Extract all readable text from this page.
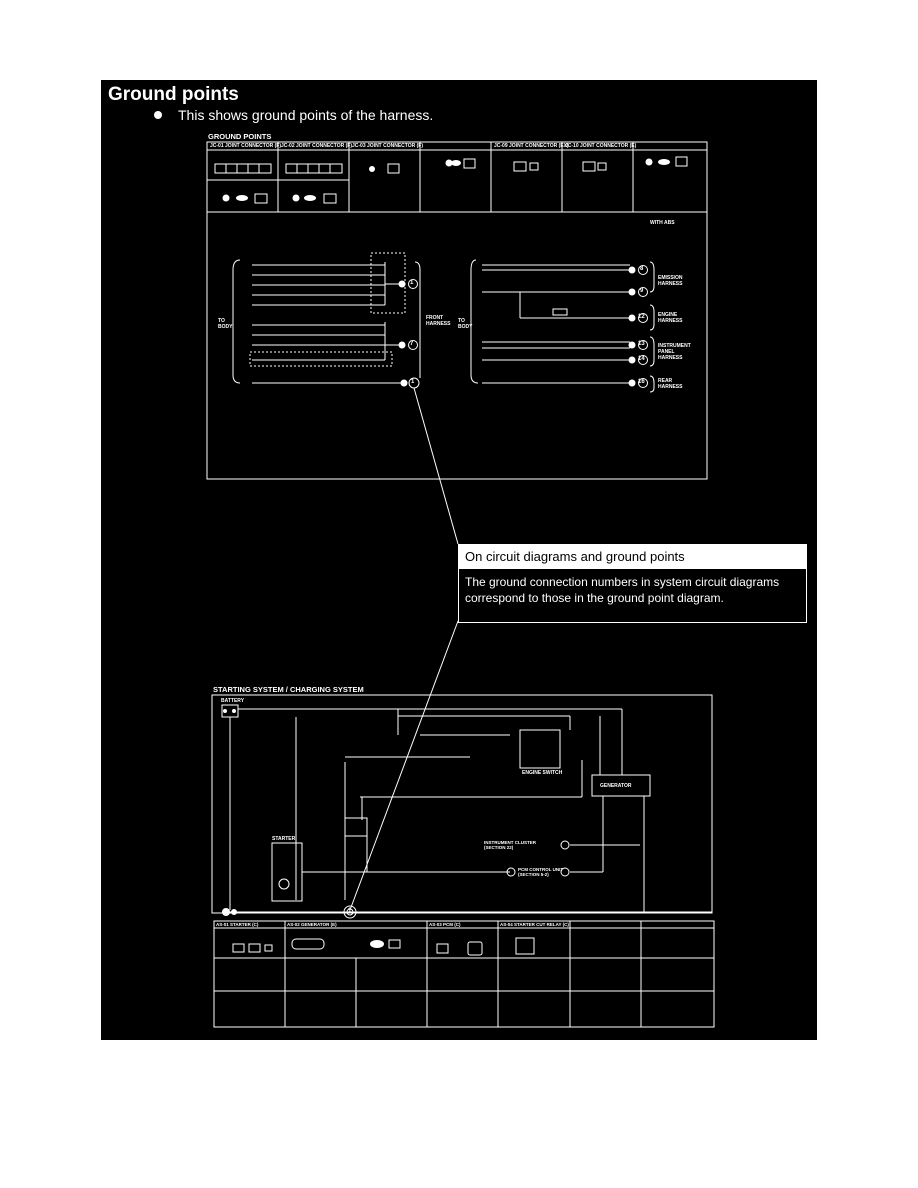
Ground points
This shows ground points of the harness.
GROUND POINTS
JC-01 JOINT CONNECTOR (F) JC-02 JOINT CONNECTOR (F) JC-03 JOINT CONNECTOR (F)	JC-09 JOINT CONNECTOR (EX)
JC-10 JOINT CONNECTOR (E)
WITH ABS
TO BODY
FRONT HARNESS	TO BODY
EMISSION HARNESS
ENGINE HARNESS
INSTRUMENT PANEL HARNESS
REAR HARNESS
1
7
1
8
9
12
13
14
16
On circuit diagrams and ground points
The ground connection numbers in system circuit diagrams
correspond to those in the ground point diagram.
STARTING SYSTEM / CHARGING SYSTEM
BATTERY
STARTER
GENERATOR
ENGINE SWITCH
INSTRUMENT CLUSTER (SECTION 22)
PCM CONTROL UNIT (SECTION 5-2)
1
AS-01 STARTER (C)	AS-02 GENERATOR (E)	AS-03 PCM (C)	AS-04 STARTER CUT RELAY (C)
